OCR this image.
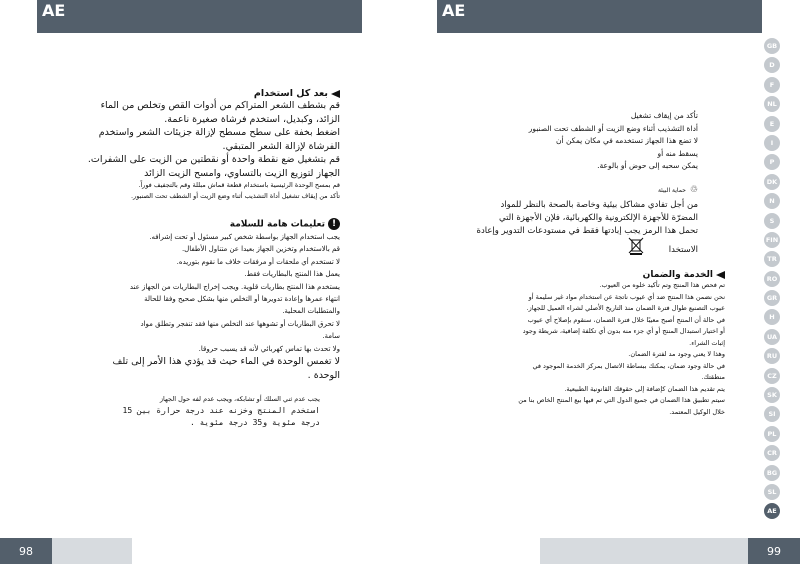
AE
بعد كل استخدام
قم بشطف الشعر المتراكم من أدوات القص وتخلص من الماء
الزائد، وكبديل، استخدم فرشاة صغيرة ناعمة.
اضغط بخفة على سطح مسطح لإزالة جزيئات الشعر واستخدم
الفرشاة لإزالة الشعر المتبقي.
قم بتشغيل ضع نقطة واحدة أو نقطتين من الزيت على الشفرات.
الجهاز لتوزيع الزيت بالتساوي، وامسح الزيت الزائد
قم بمسح الوحدة الرئيسية باستخدام قطعة قماش مبللة وقم بالتجفيف فوراً.
تأكد من إيقاف تشغيل أداة التشذيب أثناء وضع الزيت أو الشطف تحت الصنبور.
!تعليمات هامة للسلامة
يجب استخدام الجهاز بواسطة شخص كبير مسئول أو تحت إشرافه.
قم بالاستخدام وتخزين الجهاز بعيدا عن متناول الأطفال.
لا تستخدم أي ملحقات أو مرفقات خلاف ما نقوم بتوريده.
يعمل هذا المنتج بالبطاريات فقط.
يستخدم هذا المنتج بطاريات قلوية. ويجب إخراج البطاريات من الجهاز عند
انتهاء عمرها وإعادة تدويرها أو التخلص منها بشكل صحيح وفقا للحالة
والمتطلبات المحلية.
لا تحرق البطاريات أو تشوهها عند التخلص منها فقد تنفجر وتطلق مواد
سامة.
ولا تحدث بها تماس كهربائي لأنه قد يسبب حروقا.
لا تغمس الوحدة في الماء حيث قد يؤدي هذا الأمر إلى تلف
الوحدة .
يجب عدم ثني السلك أو تشابكه، ويجب عدم لفه حول الجهاز
استخدم المنتج وخزنه عند درجة حرارة بين 15
درجة مئوية و35 درجة مئوية .
98
AE
تأكد من إيقاف تشغيل
أداة التشذيب أثناء وضع الزيت أو الشطف تحت الصنبور
لا تضع هذا الجهاز تستخدمه في مكان يمكن أن
يسقط منه أو
يمكن سحبه إلى حوض أو بالوعة.
♲حماية البيئة
من أجل تفادي مشاكل بيئية وخاصة بالصحة بالنظر للمواد
المضرّة للأجهزة الإلكترونية والكهربائية، فلإن الأجهزة التي
تحمل هذا الرمز يجب إبادتها فقط في مستودعات التدوير وإعادة
الاستخدا
الخدمة والضمان
تم فحص هذا المنتج وتم تأكيد خلوه من العيوب.
نحن نضمن هذا المنتج ضد أي عيوب ناتجة عن استخدام مواد غير سليمة أو
عيوب التصنيع طوال فترة الضمان منذ التاريخ الأصلي لشراء العميل للجهاز.
في حالة أن المنتج أصبح معيبًا خلال فترة الضمان، سنقوم بإصلاح أي عيوب
أو اختيار استبدال المنتج أو أي جزء منه بدون أي تكلفة إضافية، شريطة وجود
إثبات الشراء.
وهذا لا يعني وجود مد لفترة الضمان.
في حالة وجود ضمان، يمكنك ببساطة الاتصال بمركز الخدمة الموجود في
منطقتك.
يتم تقديم هذا الضمان كإضافة إلى حقوقك القانونية الطبيعية.
سيتم تطبيق هذا الضمان في جميع الدول التي تم فيها بيع المنتج الخاص بنا من
خلال الوكيل المعتمد.
GB
D
F
NL
E
I
P
DK
N
S
FIN
TR
RO
GR
H
UA
RU
CZ
SK
SI
PL
CR
BG
SL
AE
99
